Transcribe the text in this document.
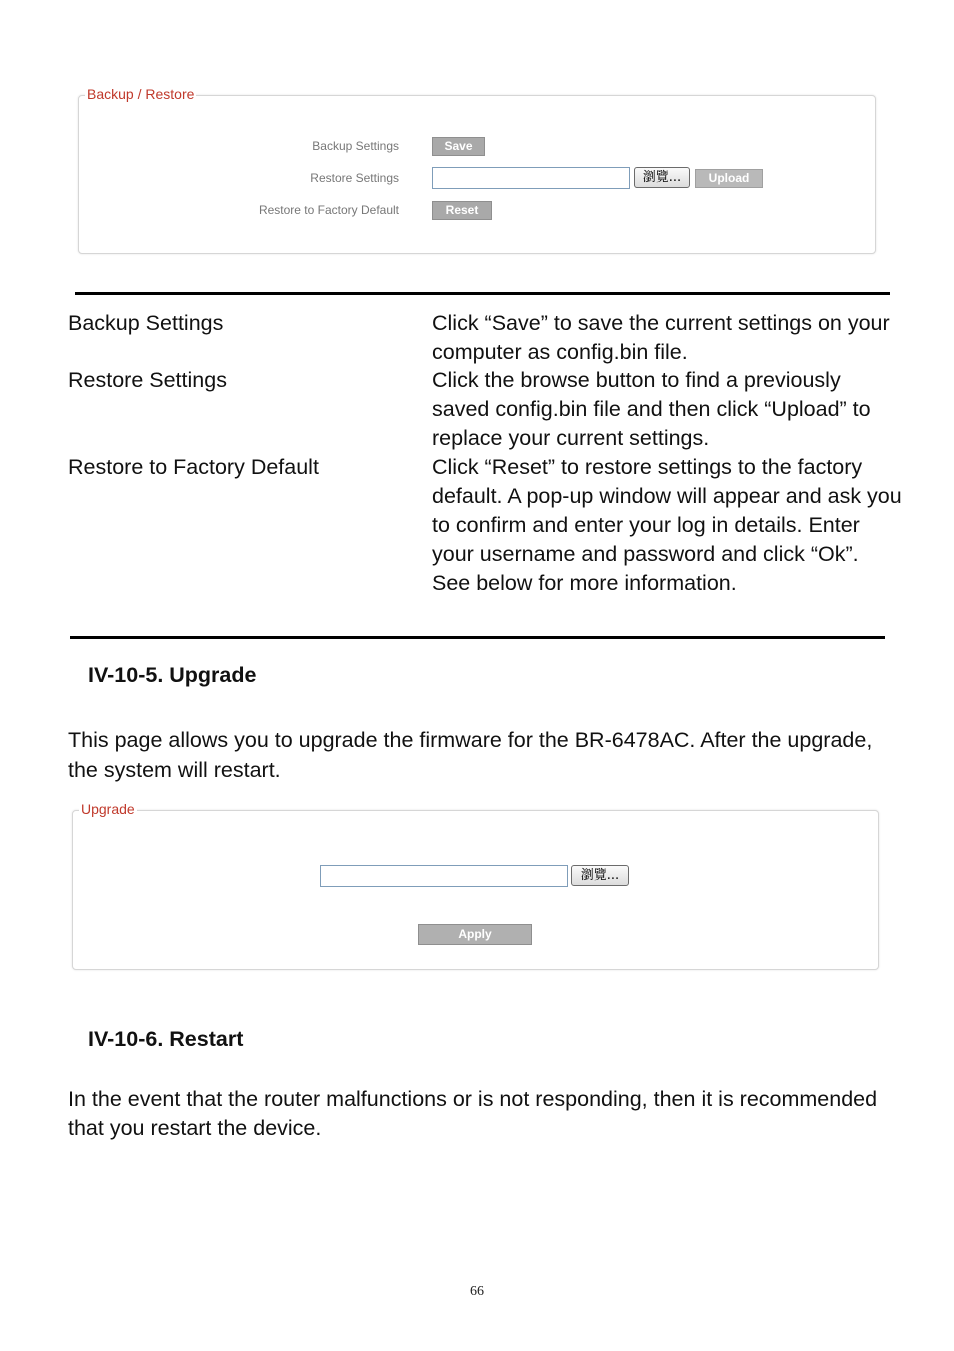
Backup / Restore
Backup Settings	Save
Restore Settings	瀏覽...	Upload
Restore to Factory Default	Reset
Backup Settings	Click “Save” to save the current settings on your computer as config.bin file.
Restore Settings	Click the browse button to find a previously saved config.bin file and then click “Upload” to replace your current settings.
Restore to Factory Default	Click “Reset” to restore settings to the factory default. A pop-up window will appear and ask you to confirm and enter your log in details. Enter your username and password and click “Ok”. See below for more information.
IV-10-5. Upgrade
This page allows you to upgrade the firmware for the BR-6478AC. After the upgrade, the system will restart.
Upgrade
瀏覽...
Apply
IV-10-6. Restart
In the event that the router malfunctions or is not responding, then it is recommended that you restart the device.
66
